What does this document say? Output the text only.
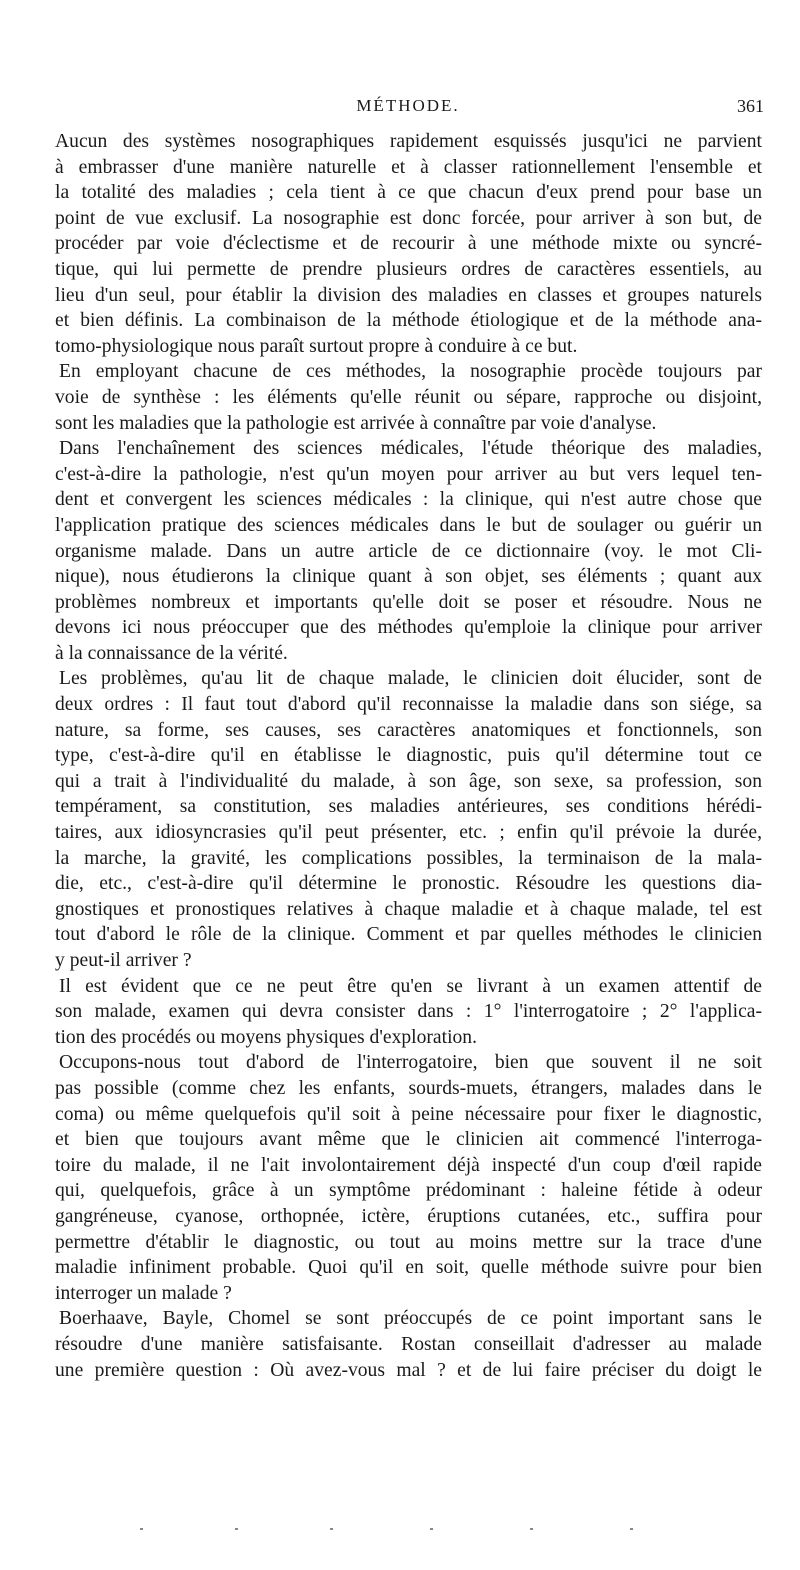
MÉTHODE.	361
Aucun des systèmes nosographiques rapidement esquissés jusqu'ici ne parvient
à embrasser d'une manière naturelle et à classer rationnellement l'ensemble et
la totalité des maladies ; cela tient à ce que chacun d'eux prend pour base un
point de vue exclusif. La nosographie est donc forcée, pour arriver à son but, de
procéder par voie d'éclectisme et de recourir à une méthode mixte ou syncré-
tique, qui lui permette de prendre plusieurs ordres de caractères essentiels, au
lieu d'un seul, pour établir la division des maladies en classes et groupes naturels
et bien définis. La combinaison de la méthode étiologique et de la méthode ana-
tomo-physiologique nous paraît surtout propre à conduire à ce but.
En employant chacune de ces méthodes, la nosographie procède toujours par
voie de synthèse : les éléments qu'elle réunit ou sépare, rapproche ou disjoint,
sont les maladies que la pathologie est arrivée à connaître par voie d'analyse.
Dans l'enchaînement des sciences médicales, l'étude théorique des maladies,
c'est-à-dire la pathologie, n'est qu'un moyen pour arriver au but vers lequel ten-
dent et convergent les sciences médicales : la clinique, qui n'est autre chose que
l'application pratique des sciences médicales dans le but de soulager ou guérir un
organisme malade. Dans un autre article de ce dictionnaire (voy. le mot Cli-
nique), nous étudierons la clinique quant à son objet, ses éléments ; quant aux
problèmes nombreux et importants qu'elle doit se poser et résoudre. Nous ne
devons ici nous préoccuper que des méthodes qu'emploie la clinique pour arriver
à la connaissance de la vérité.
Les problèmes, qu'au lit de chaque malade, le clinicien doit élucider, sont de
deux ordres : Il faut tout d'abord qu'il reconnaisse la maladie dans son siége, sa
nature, sa forme, ses causes, ses caractères anatomiques et fonctionnels, son
type, c'est-à-dire qu'il en établisse le diagnostic, puis qu'il détermine tout ce
qui a trait à l'individualité du malade, à son âge, son sexe, sa profession, son
tempérament, sa constitution, ses maladies antérieures, ses conditions hérédi-
taires, aux idiosyncrasies qu'il peut présenter, etc. ; enfin qu'il prévoie la durée,
la marche, la gravité, les complications possibles, la terminaison de la mala-
die, etc., c'est-à-dire qu'il détermine le pronostic. Résoudre les questions dia-
gnostiques et pronostiques relatives à chaque maladie et à chaque malade, tel est
tout d'abord le rôle de la clinique. Comment et par quelles méthodes le clinicien
y peut-il arriver ?
Il est évident que ce ne peut être qu'en se livrant à un examen attentif de
son malade, examen qui devra consister dans : 1° l'interrogatoire ; 2° l'applica-
tion des procédés ou moyens physiques d'exploration.
Occupons-nous tout d'abord de l'interrogatoire, bien que souvent il ne soit
pas possible (comme chez les enfants, sourds-muets, étrangers, malades dans le
coma) ou même quelquefois qu'il soit à peine nécessaire pour fixer le diagnostic,
et bien que toujours avant même que le clinicien ait commencé l'interroga-
toire du malade, il ne l'ait involontairement déjà inspecté d'un coup d'œil rapide
qui, quelquefois, grâce à un symptôme prédominant : haleine fétide à odeur
gangréneuse, cyanose, orthopnée, ictère, éruptions cutanées, etc., suffira pour
permettre d'établir le diagnostic, ou tout au moins mettre sur la trace d'une
maladie infiniment probable. Quoi qu'il en soit, quelle méthode suivre pour bien
interroger un malade ?
Boerhaave, Bayle, Chomel se sont préoccupés de ce point important sans le
résoudre d'une manière satisfaisante. Rostan conseillait d'adresser au malade
une première question : Où avez-vous mal ? et de lui faire préciser du doigt le
